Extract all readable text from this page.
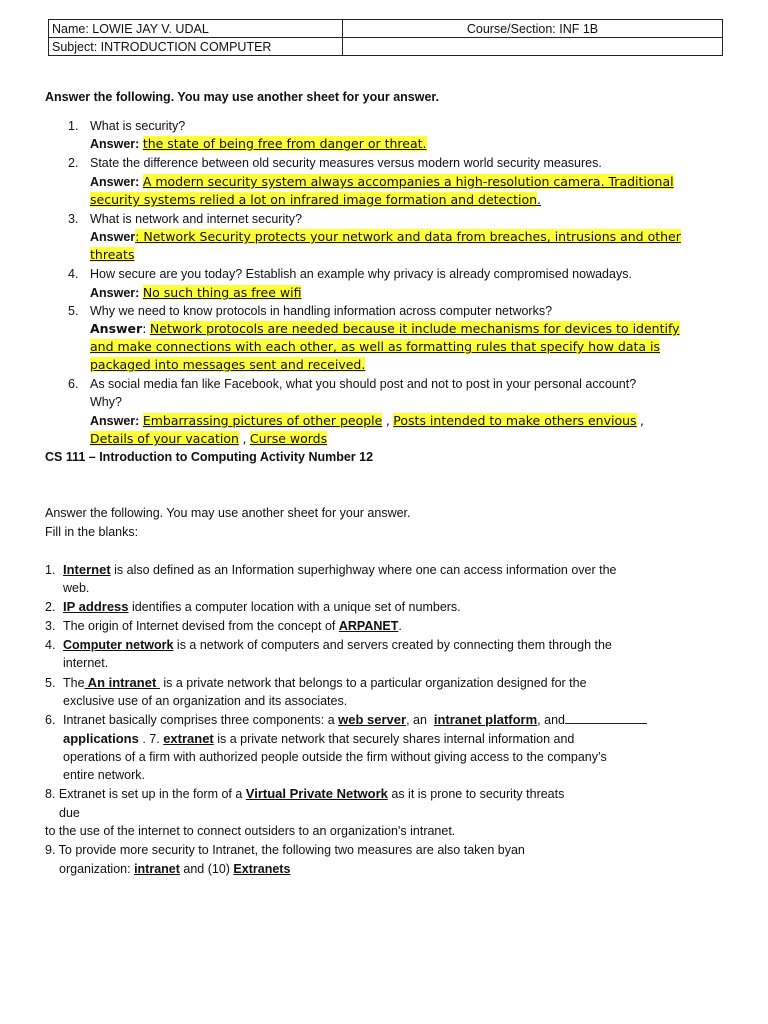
Name: LOWIE JAY V. UDAL	Course/Section: INF 1B
Subject: INTRODUCTION COMPUTER	
Answer the following. You may use another sheet for your answer.
1. What is security?
Answer: the state of being free from danger or threat.
2. State the difference between old security measures versus modern world security measures.
Answer: A modern security system always accompanies a high-resolution camera. Traditional
security systems relied a lot on infrared image formation and detection.
3. What is network and internet security?
Answer: Network Security protects your network and data from breaches, intrusions and other
threats
4. How secure are you today? Establish an example why privacy is already compromised nowadays.
Answer: No such thing as free wifi
5. Why we need to know protocols in handling information across computer networks?
Answer: Network protocols are needed because it include mechanisms for devices to identify
and make connections with each other, as well as formatting rules that specify how data is
packaged into messages sent and received.
6. As social media fan like Facebook, what you should post and not to post in your personal account?
Why?
Answer: Embarrassing pictures of other people , Posts intended to make others envious ,
Details of your vacation , Curse words
CS 111 – Introduction to Computing Activity Number 12
Answer the following. You may use another sheet for your answer.
Fill in the blanks:
1. Internet is also defined as an Information superhighway where one can access information over the
web.
2. IP address identifies a computer location with a unique set of numbers.
3. The origin of Internet devised from the concept of ARPANET.
4. Computer network is a network of computers and servers created by connecting them through the
internet.
5. The An intranet  is a private network that belongs to a particular organization designed for the
exclusive use of an organization and its associates.
6. Intranet basically comprises three components: a web server, an  intranet platform, and
applications . 7. extranet is a private network that securely shares internal information and
operations of a firm with authorized people outside the firm without giving access to the company’s
entire network.
8. Extranet is set up in the form of a Virtual Private Network as it is prone to security threats
due
to the use of the internet to connect outsiders to an organization's intranet.
9. To provide more security to Intranet, the following two measures are also taken byan
organization: intranet and (10) Extranets
